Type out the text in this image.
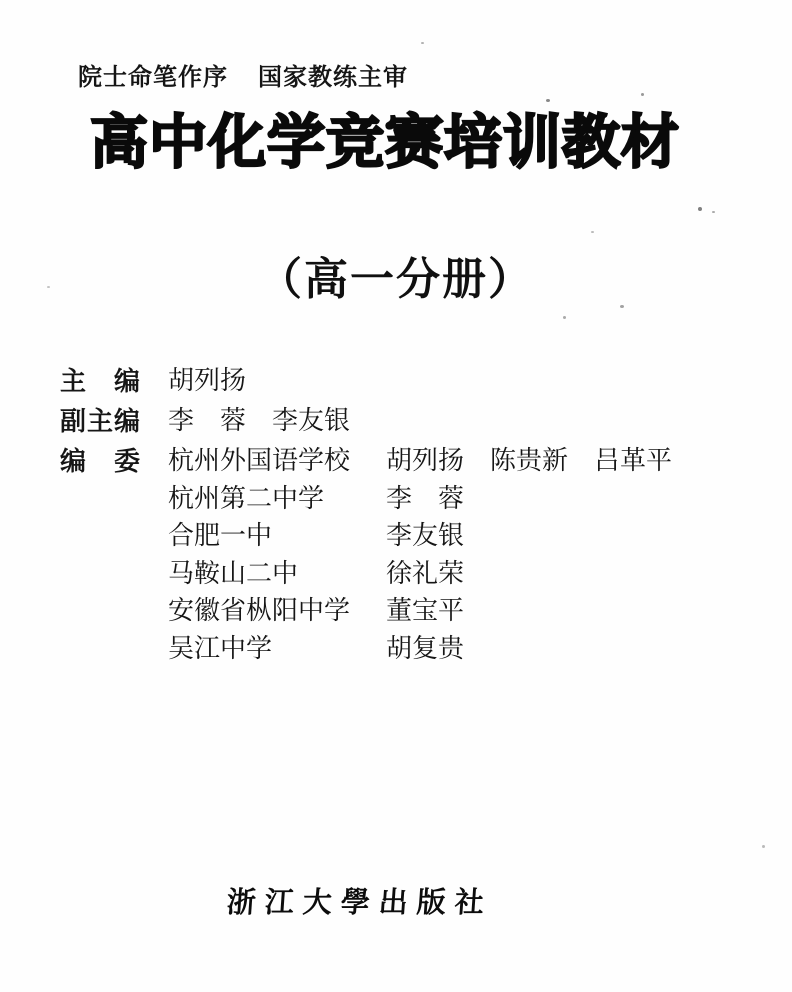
院士命笔作序 国家教练主审
高中化学竞赛培训教材
（高一分册）
主　编 胡列扬
副主编 李　蓉　李友银
编　委 杭州外国语学校	胡列扬　陈贵新　吕革平
杭州第二中学	李　蓉
合肥一中	李友银
马鞍山二中	徐礼荣
安徽省枞阳中学	董宝平
吴江中学	胡复贵
浙江大學出版社
